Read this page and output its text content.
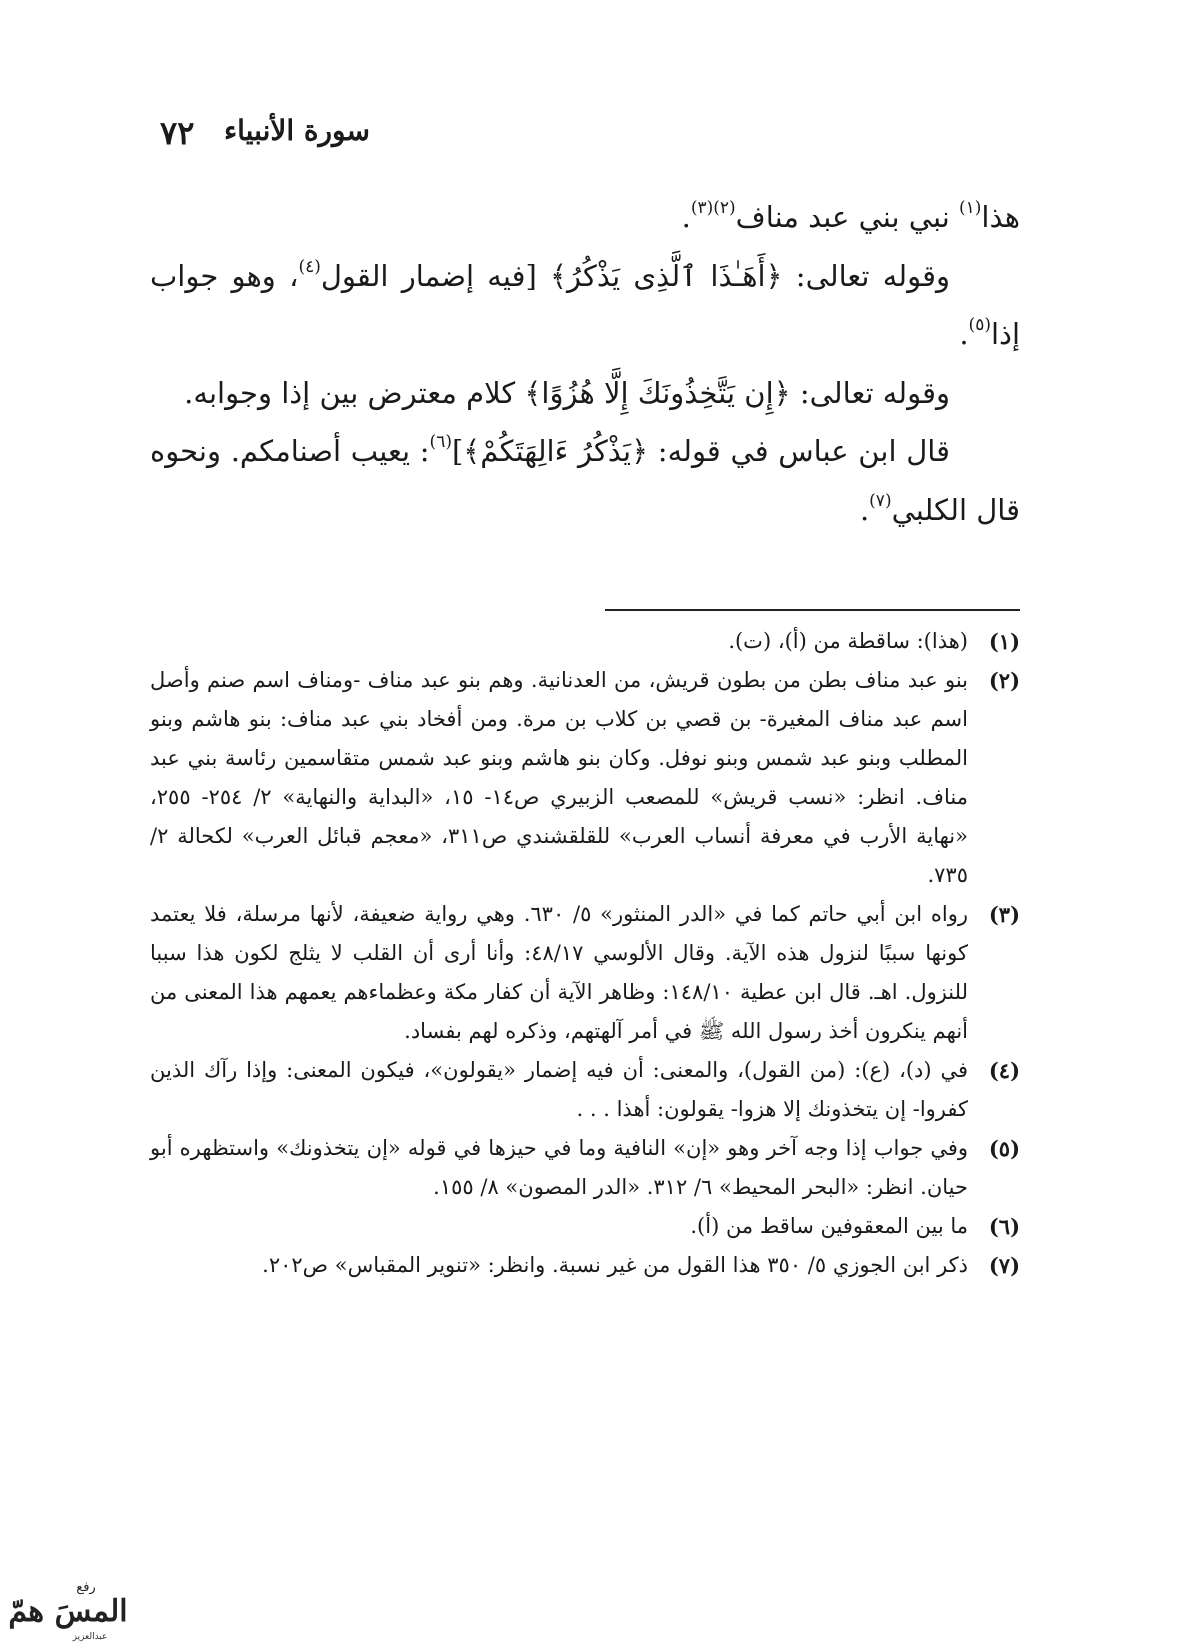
٧٢ سورة الأنبياء

هذا$^{(١)}$ نبي بني عبد مناف$^{(٢)(٣)}$.

وقوله تعالى: ﴿أَهَـٰذَا ٱلَّذِى يَذْكُرُ﴾ [فيه إضمار القول$^{(٤)}$، وهو جواب إذا$^{(٥)}$.

وقوله تعالى: ﴿إِن يَتَّخِذُونَكَ إِلَّا هُزُوًا﴾ كلام معترض بين إذا وجوابه.

قال ابن عباس في قوله: ﴿يَذْكُرُ ءَالِهَتَكُمْ﴾]$^{(٦)}$: يعيب أصنامكم. ونحوه قال الكلبي$^{(٧)}$.

(١)
(هذا): ساقطة من (أ)، (ت).
(٢)
بنو عبد مناف بطن من بطون قريش، من العدنانية. وهم بنو عبد مناف -ومناف اسم صنم وأصل اسم عبد مناف المغيرة- بن قصي بن كلاب بن مرة. ومن أفخاد بني عبد مناف: بنو هاشم وبنو المطلب وبنو عبد شمس وبنو نوفل. وكان بنو هاشم وبنو عبد شمس متقاسمين رئاسة بني عبد مناف. انظر: «نسب قريش» للمصعب الزبيري ص١٤- ١٥، «البداية والنهاية» ٢/ ٢٥٤- ٢٥٥، «نهاية الأرب في معرفة أنساب العرب» للقلقشندي ص٣١١، «معجم قبائل العرب» لكحالة ٢/ ٧٣٥.
(٣)
رواه ابن أبي حاتم كما في «الدر المنثور» ٥/ ٦٣٠. وهي رواية ضعيفة، لأنها مرسلة، فلا يعتمد كونها سببًا لنزول هذه الآية. وقال الألوسي ٤٨/١٧: وأنا أرى أن القلب لا يثلج لكون هذا سببا للنزول. اهـ. قال ابن عطية ١٤٨/١٠: وظاهر الآية أن كفار مكة وعظماءهم يعمهم هذا المعنى من أنهم ينكرون أخذ رسول الله ﷺ في أمر آلهتهم، وذكره لهم بفساد.
(٤)
في (د)، (ع): (من القول)، والمعنى: أن فيه إضمار «يقولون»، فيكون المعنى: وإذا رآك الذين كفروا- إن يتخذونك إلا هزوا- يقولون: أهذا . . .
(٥)
وفي جواب إذا وجه آخر وهو «إن» النافية وما في حيزها في قوله «إن يتخذونك» واستظهره أبو حيان. انظر: «البحر المحيط» ٦/ ٣١٢. «الدر المصون» ٨/ ١٥٥.
(٦)
ما بين المعقوفين ساقط من (أ).
(٧)
ذكر ابن الجوزي ٥/ ٣٥٠ هذا القول من غير نسبة. وانظر: «تنوير المقباس» ص٢٠٢.
رفع
المسَ همّ
عبدالعزيز
